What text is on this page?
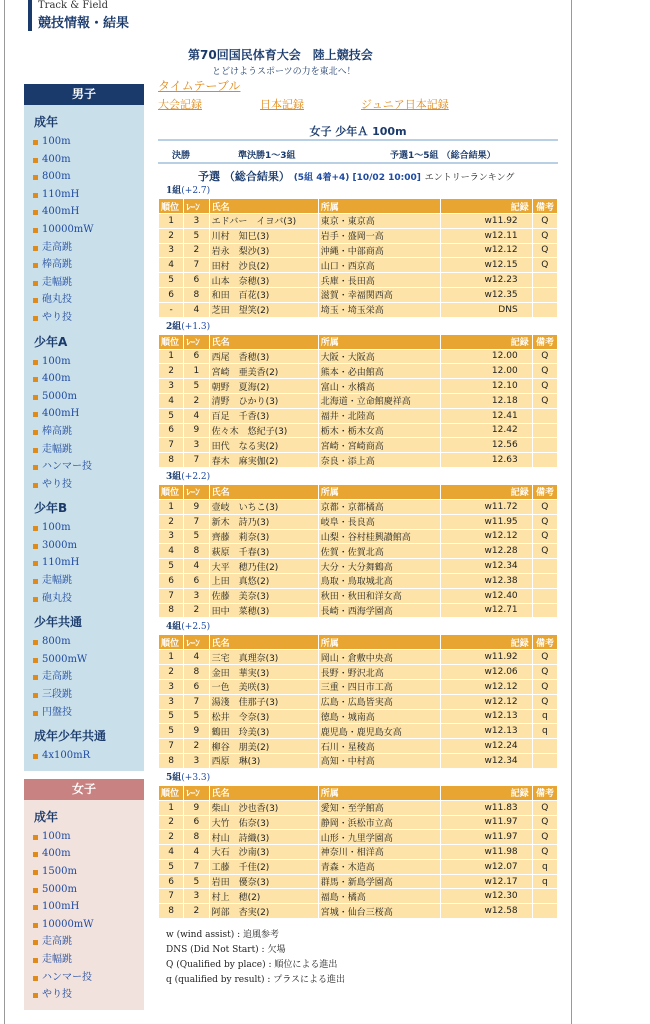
Track & Field
競技情報・結果
男子
成年
100m
400m
800m
110mH
400mH
10000mW
走高跳
棒高跳
走幅跳
砲丸投
やり投
少年A
100m
400m
5000m
400mH
棒高跳
走幅跳
ハンマー投
やり投
少年B
100m
3000m
110mH
走幅跳
砲丸投
少年共通
800m
5000mW
走高跳
三段跳
円盤投
成年少年共通
4x100mR
女子
成年
100m
400m
1500m
5000m
100mH
10000mW
走高跳
走幅跳
ハンマー投
やり投
第70回国民体育大会　陸上競技会
とどけようスポーツの力を東北へ！
タイムテーブル
大会記録	日本記録	ジュニア日本記録
女子 少年Ａ 100m
決勝	準決勝1～3組	予選1～5組 （総合結果）
予選 （総合結果） (5組 4着+4) [10/02 10:00] エントリーランキング
1組(+2.7)
順位	ﾚｰﾝ	氏名	所属	記録	備考
1	3	エドバー　イヨバ(3)	東京・東京高	w11.92	Q
2	5	川村　知巳(3)	岩手・盛岡一高	w12.11	Q
3	2	岩永　梨沙(3)	沖縄・中部商高	w12.12	Q
4	7	田村　沙良(2)	山口・西京高	w12.15	Q
5	6	山本　奈穂(3)	兵庫・長田高	w12.23	
6	8	和田　百花(3)	滋賀・幸福関西高	w12.35	
-	4	芝田　望笑(2)	埼玉・埼玉栄高	DNS	
2組(+1.3)
順位	ﾚｰﾝ	氏名	所属	記録	備考
1	6	西尾　香穂(3)	大阪・大阪高	12.00	Q
2	1	宮崎　亜美香(2)	熊本・必由館高	12.00	Q
3	5	朝野　夏海(2)	富山・水橋高	12.10	Q
4	2	清野　ひかり(3)	北海道・立命館慶祥高	12.18	Q
5	4	百足　千香(3)	福井・北陸高	12.41	
6	9	佐々木　悠紀子(3)	栃木・栃木女高	12.42	
7	3	田代　なる実(2)	宮崎・宮崎商高	12.56	
8	7	春木　麻実伽(2)	奈良・添上高	12.63	
3組(+2.2)
順位	ﾚｰﾝ	氏名	所属	記録	備考
1	9	壹岐　いちこ(3)	京都・京都橘高	w11.72	Q
2	7	新木　詩乃(3)	岐阜・長良高	w11.95	Q
3	5	齊藤　莉奈(3)	山梨・谷村桂興讃館高	w12.12	Q
4	8	萩原　千春(3)	佐賀・佐賀北高	w12.28	Q
5	4	大平　穂乃佳(2)	大分・大分舞鶴高	w12.34	
6	6	上田　真悠(2)	鳥取・鳥取城北高	w12.38	
7	3	佐藤　美奈(3)	秋田・秋田和洋女高	w12.40	
8	2	田中　菜穂(3)	長崎・西海学園高	w12.71	
4組(+2.5)
順位	ﾚｰﾝ	氏名	所属	記録	備考
1	4	三宅　真理奈(3)	岡山・倉敷中央高	w11.92	Q
2	8	金田　華実(3)	長野・野沢北高	w12.06	Q
3	6	一色　美咲(3)	三重・四日市工高	w12.12	Q
3	7	湯淺　佳那子(3)	広島・広島皆実高	w12.12	Q
5	5	松井　令奈(3)	徳島・城南高	w12.13	q
5	9	鶴田　玲美(3)	鹿児島・鹿児島女高	w12.13	q
7	2	柳谷　朋美(2)	石川・星稜高	w12.24	
8	3	西原　琳(3)	高知・中村高	w12.34	
5組(+3.3)
順位	ﾚｰﾝ	氏名	所属	記録	備考
1	9	柴山　沙也香(3)	愛知・至学館高	w11.83	Q
2	6	大竹　佑奈(3)	静岡・浜松市立高	w11.97	Q
2	8	村山　詩織(3)	山形・九里学園高	w11.97	Q
4	4	大石　沙南(3)	神奈川・相洋高	w11.98	Q
5	7	工藤　千佳(2)	青森・木造高	w12.07	q
6	5	岩田　優奈(3)	群馬・新島学園高	w12.17	q
7	3	村上　穂(2)	福島・橘高	w12.30	
8	2	阿部　杏実(2)	宮城・仙台三桜高	w12.58	
w (wind assist) : 追風参考
DNS (Did Not Start) : 欠場
Q (Qualified by place) : 順位による進出
q (qualified by result) : プラスによる進出
